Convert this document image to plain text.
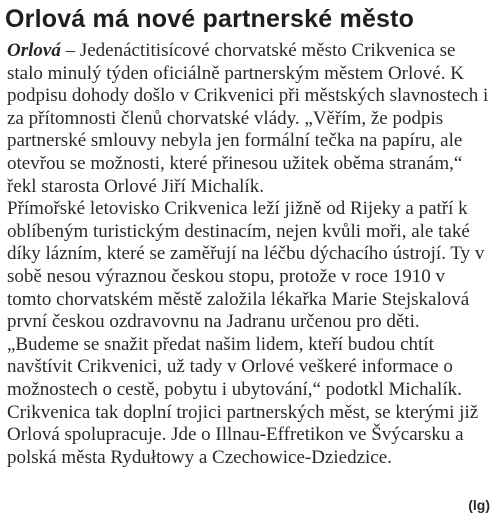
Orlová má nové partnerské město

Orlová – Jedenáctitisícové chorvatské město Crikvenica se stalo minulý týden oficiálně partnerským městem Orlové. K podpisu dohody došlo v Crikvenici při městských slavnostech i za přítomnosti členů chorvatské vlády. „Věřím, že podpis partnerské smlouvy nebyla jen formální tečka na papíru, ale otevřou se možnosti, které přinesou užitek oběma stranám,“ řekl starosta Orlové Jiří Michalík.

Přímořské letovisko Crikvenica leží jižně od Rijeky a patří k oblíbeným turistickým destinacím, nejen kvůli moři, ale také díky lázním, které se zaměřují na léčbu dýchacího ústrojí. Ty v sobě nesou výraznou českou stopu, protože v roce 1910 v tomto chorvatském městě založila lékařka Marie Stejskalová první českou ozdravovnu na Jadranu určenou pro děti. „Budeme se snažit předat našim lidem, kteří budou chtít navštívit Crikvenici, už tady v Orlové veškeré informace o možnostech o cestě, pobytu i ubytování,“ podotkl Michalík.

Crikvenica tak doplní trojici partnerských měst, se kterými již Orlová spolupracuje. Jde o Illnau-Effretikon ve Švýcarsku a polská města Rydułtowy a Czechowice-Dziedzice.

(lg)
